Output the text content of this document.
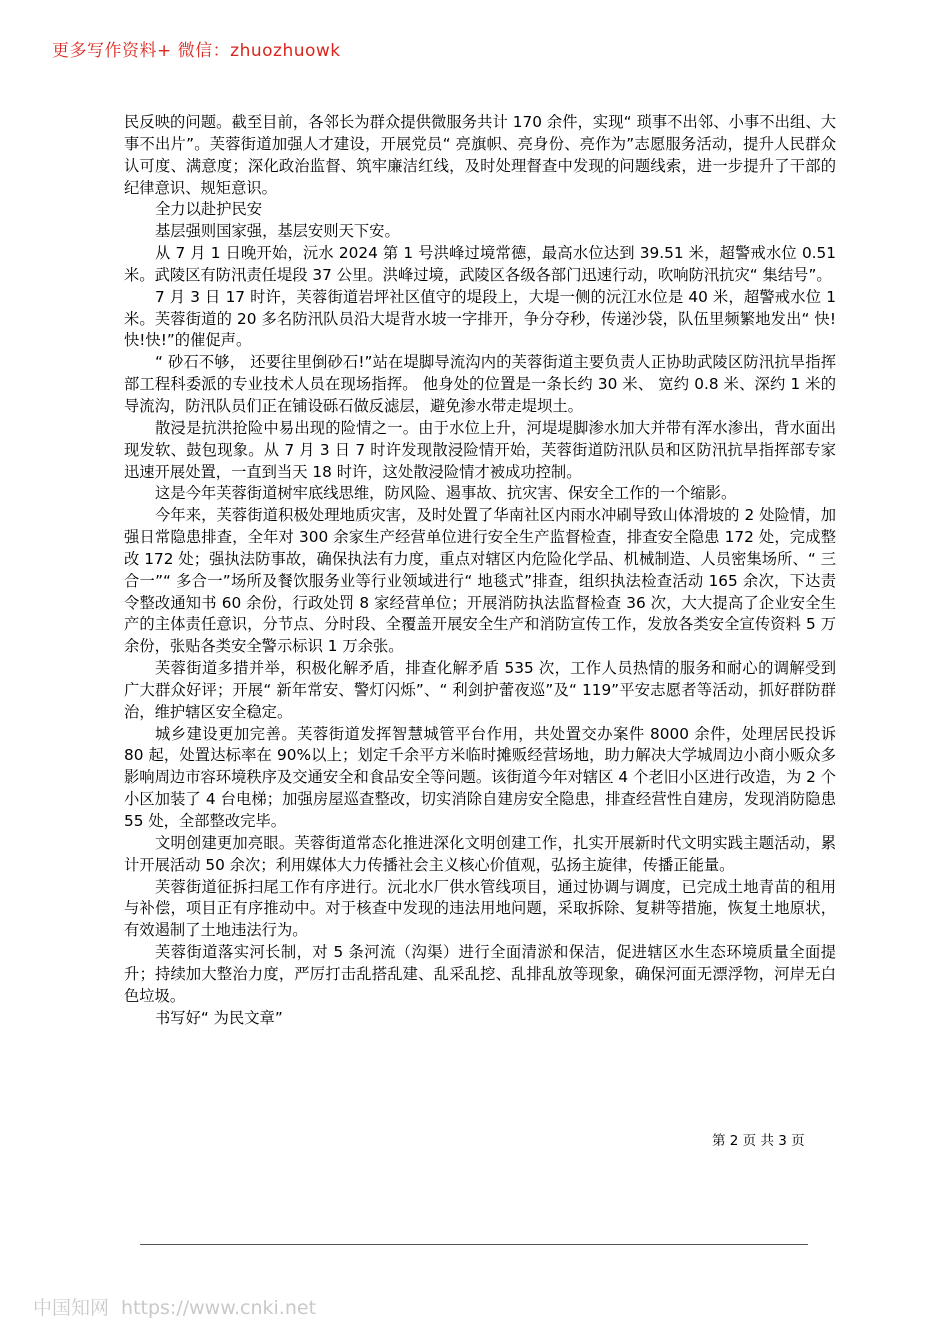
更多写作资料+ 微信：zhuozhuowk

民反映的问题。截至目前，各邻长为群众提供微服务共计 170 余件，实现“ 琐事不出邻、小事不出组、大事不出片”。芙蓉街道加强人才建设，开展党员“ 亮旗帜、亮身份、亮作为”志愿服务活动，提升人民群众认可度、满意度；深化政治监督、筑牢廉洁红线，及时处理督查中发现的问题线索，进一步提升了干部的纪律意识、规矩意识。

全力以赴护民安

基层强则国家强，基层安则天下安。

从 7 月 1 日晚开始，沅水 2024 第 1 号洪峰过境常德，最高水位达到 39.51 米，超警戒水位 0.51 米。武陵区有防汛责任堤段 37 公里。洪峰过境，武陵区各级各部门迅速行动，吹响防汛抗灾“ 集结号”。

7 月 3 日 17 时许，芙蓉街道岩坪社区值守的堤段上，大堤一侧的沅江水位是 40 米，超警戒水位 1 米。芙蓉街道的 20 多名防汛队员沿大堤背水坡一字排开，争分夺秒，传递沙袋，队伍里频繁地发出“ 快!快!快!”的催促声。

“ 砂石不够， 还要往里倒砂石!”站在堤脚导流沟内的芙蓉街道主要负责人正协助武陵区防汛抗旱指挥部工程科委派的专业技术人员在现场指挥。 他身处的位置是一条长约 30 米、 宽约 0.8 米、深约 1 米的导流沟，防汛队员们正在铺设砾石做反滤层，避免渗水带走堤坝土。

散浸是抗洪抢险中易出现的险情之一。由于水位上升，河堤堤脚渗水加大并带有浑水渗出，背水面出现发软、鼓包现象。从 7 月 3 日 7 时许发现散浸险情开始，芙蓉街道防汛队员和区防汛抗旱指挥部专家迅速开展处置，一直到当天 18 时许，这处散浸险情才被成功控制。

这是今年芙蓉街道树牢底线思维，防风险、遏事故、抗灾害、保安全工作的一个缩影。

今年来，芙蓉街道积极处理地质灾害，及时处置了华南社区内雨水冲刷导致山体滑坡的 2 处险情，加强日常隐患排查，全年对 300 余家生产经营单位进行安全生产监督检查，排查安全隐患 172 处，完成整改 172 处；强执法防事故，确保执法有力度，重点对辖区内危险化学品、机械制造、人员密集场所、“ 三合一”“ 多合一”场所及餐饮服务业等行业领域进行“ 地毯式”排查，组织执法检查活动 165 余次，下达责令整改通知书 60 余份，行政处罚 8 家经营单位；开展消防执法监督检查 36 次，大大提高了企业安全生产的主体责任意识，分节点、分时段、全覆盖开展安全生产和消防宣传工作，发放各类安全宣传资料 5 万余份，张贴各类安全警示标识 1 万余张。

芙蓉街道多措并举，积极化解矛盾，排查化解矛盾 535 次，工作人员热情的服务和耐心的调解受到广大群众好评；开展“ 新年常安、警灯闪烁”、“ 利剑护蕾夜巡”及“ 119”平安志愿者等活动，抓好群防群治，维护辖区安全稳定。

城乡建设更加完善。芙蓉街道发挥智慧城管平台作用，共处置交办案件 8000 余件，处理居民投诉 80 起，处置达标率在 90%以上；划定千余平方米临时摊贩经营场地，助力解决大学城周边小商小贩众多影响周边市容环境秩序及交通安全和食品安全等问题。该街道今年对辖区 4 个老旧小区进行改造，为 2 个小区加装了 4 台电梯；加强房屋巡查整改，切实消除自建房安全隐患，排查经营性自建房，发现消防隐患 55 处，全部整改完毕。

文明创建更加亮眼。芙蓉街道常态化推进深化文明创建工作，扎实开展新时代文明实践主题活动，累计开展活动 50 余次；利用媒体大力传播社会主义核心价值观，弘扬主旋律，传播正能量。

芙蓉街道征拆扫尾工作有序进行。沅北水厂供水管线项目，通过协调与调度，已完成土地青苗的租用与补偿，项目正有序推动中。对于核查中发现的违法用地问题，采取拆除、复耕等措施，恢复土地原状，有效遏制了土地违法行为。

芙蓉街道落实河长制，对 5 条河流（沟渠）进行全面清淤和保洁，促进辖区水生态环境质量全面提升；持续加大整治力度，严厉打击乱搭乱建、乱采乱挖、乱排乱放等现象，确保河面无漂浮物，河岸无白色垃圾。

书写好“ 为民文章”

第 2 页 共 3 页
中国知网 https://www.cnki.net
